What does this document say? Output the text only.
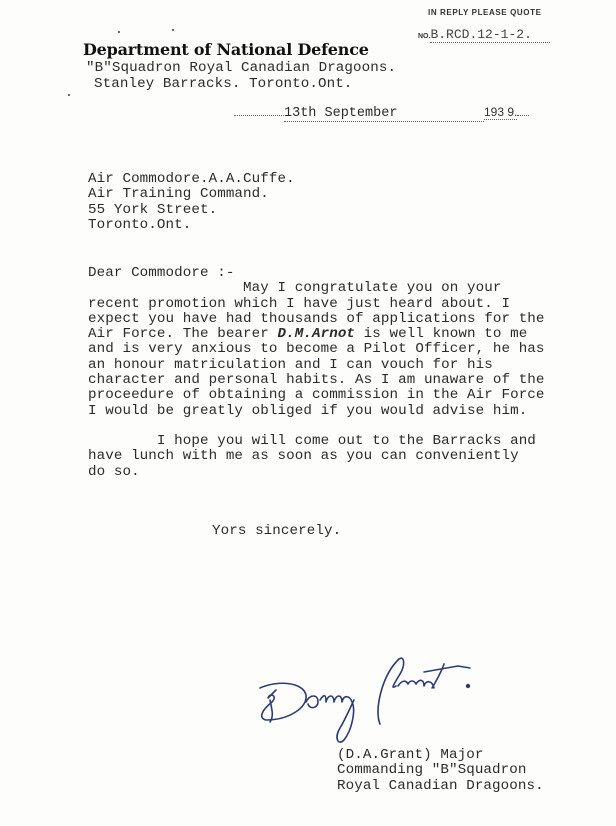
IN REPLY PLEASE QUOTE
NO.B.RCD.12-1-2.
Department of National Defence
"B"Squadron Royal Canadian Dragoons.
Stanley Barracks. Toronto.Ont.
13th September	193 9.
Air Commodore.A.A.Cuffe.
Air Training Command.
55 York Street.
Toronto.Ont.
Dear Commodore :-
May I congratulate you on your
recent promotion which I have just heard about. I
expect you have had thousands of applications for the
Air Force. The bearer D.M.Arnot is well known to me
and is very anxious to become a Pilot Officer, he has
an honour matriculation and I can vouch for his
character and personal habits. As I am unaware of the
proceedure of obtaining a commission in the Air Force
I would be greatly obliged if you would advise him.
I hope you will come out to the Barracks and
have lunch with me as soon as you can conveniently
do so.
Yors sincerely.
(D.A.Grant) Major
Commanding "B"Squadron
Royal Canadian Dragoons.
